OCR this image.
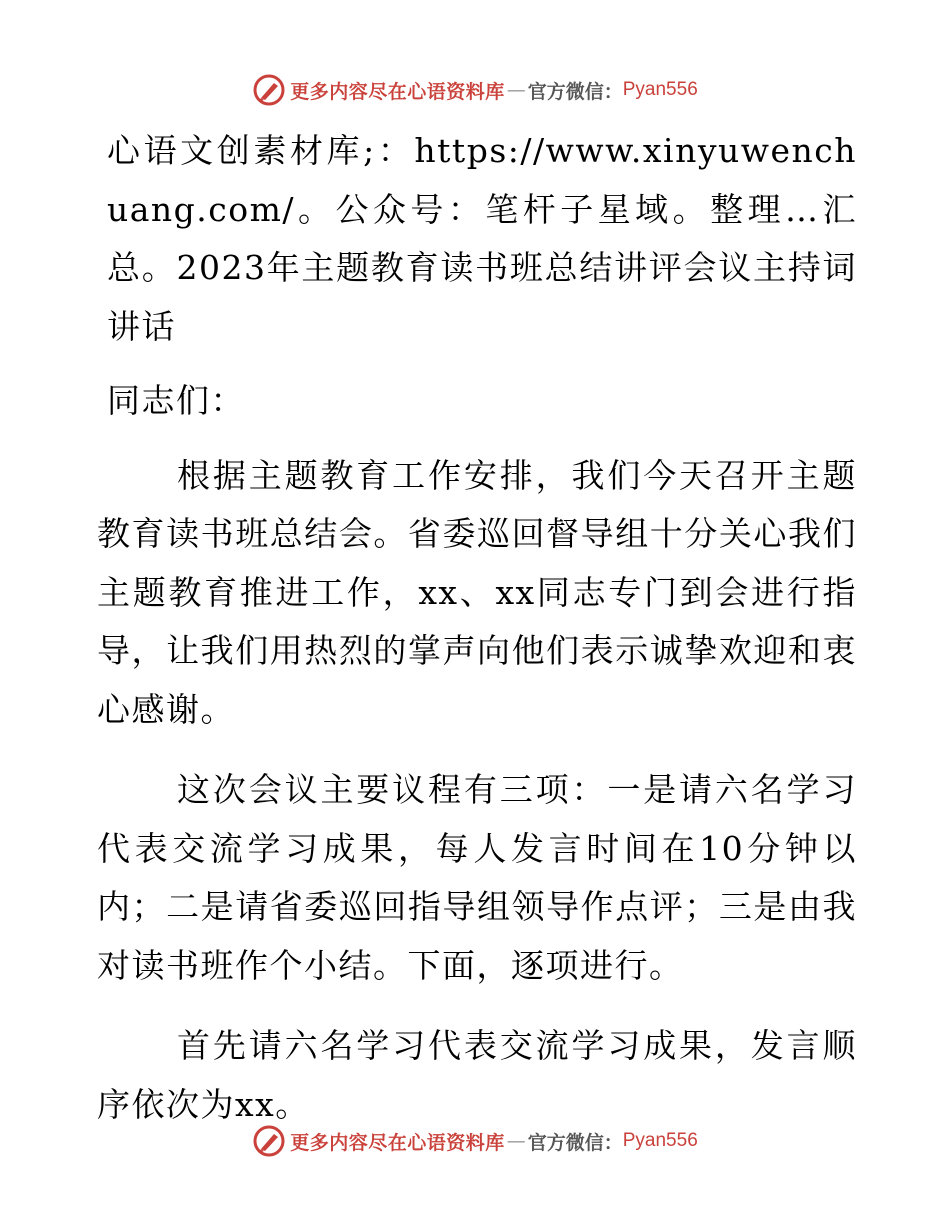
更多内容尽在心语资料库 — 官方微信： Pyan556

心语文创素材库;：https://www.xinyuwenchuang.com/。公众号：笔杆子星域。整理…汇总。2023年主题教育读书班总结讲评会议主持词讲话

同志们：

根据主题教育工作安排，我们今天召开主题教育读书班总结会。省委巡回督导组十分关心我们主题教育推进工作，xx、xx同志专门到会进行指导，让我们用热烈的掌声向他们表示诚挚欢迎和衷心感谢。

这次会议主要议程有三项：一是请六名学习代表交流学习成果，每人发言时间在10分钟以内；二是请省委巡回指导组领导作点评；三是由我对读书班作个小结。下面，逐项进行。

首先请六名学习代表交流学习成果，发言顺序依次为xx。

更多内容尽在心语资料库 — 官方微信： Pyan556
